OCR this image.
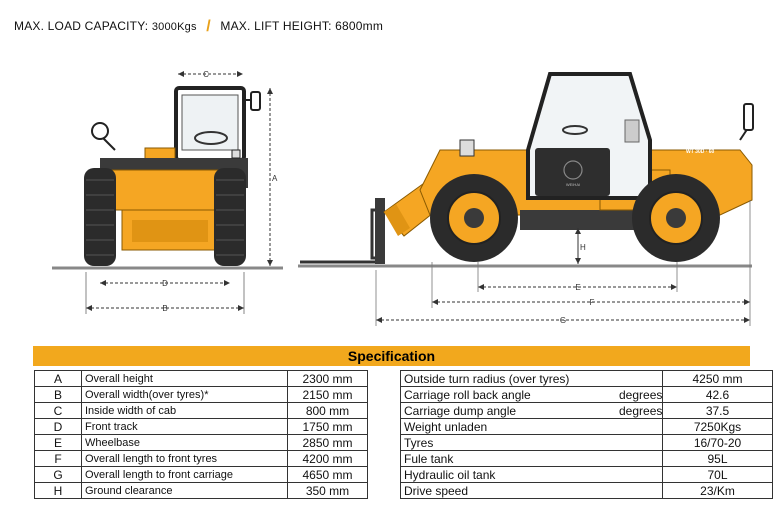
MAX. LOAD CAPACITY: 3000Kgs / MAX. LIFT HEIGHT: 6800mm
C
A
D
B
WT 30D · 60
WEIHAI
H
E
F
G
Specification
A	Overall height	2300 mm
B	Overall width(over tyres)*	2150 mm
C	Inside width of cab	800 mm
D	Front track	1750 mm
E	Wheelbase	2850 mm
F	Overall length to front tyres	4200 mm
G	Overall length to front carriage	4650 mm
H	Ground clearance	350 mm
Outside turn radius (over tyres)	4250 mm
Carriage roll back angle degrees	42.6
Carriage dump angle degrees	37.5
Weight unladen	7250Kgs
Tyres	16/70-20
Fule tank	95L
Hydraulic oil tank	70L
Drive speed	23/Km
